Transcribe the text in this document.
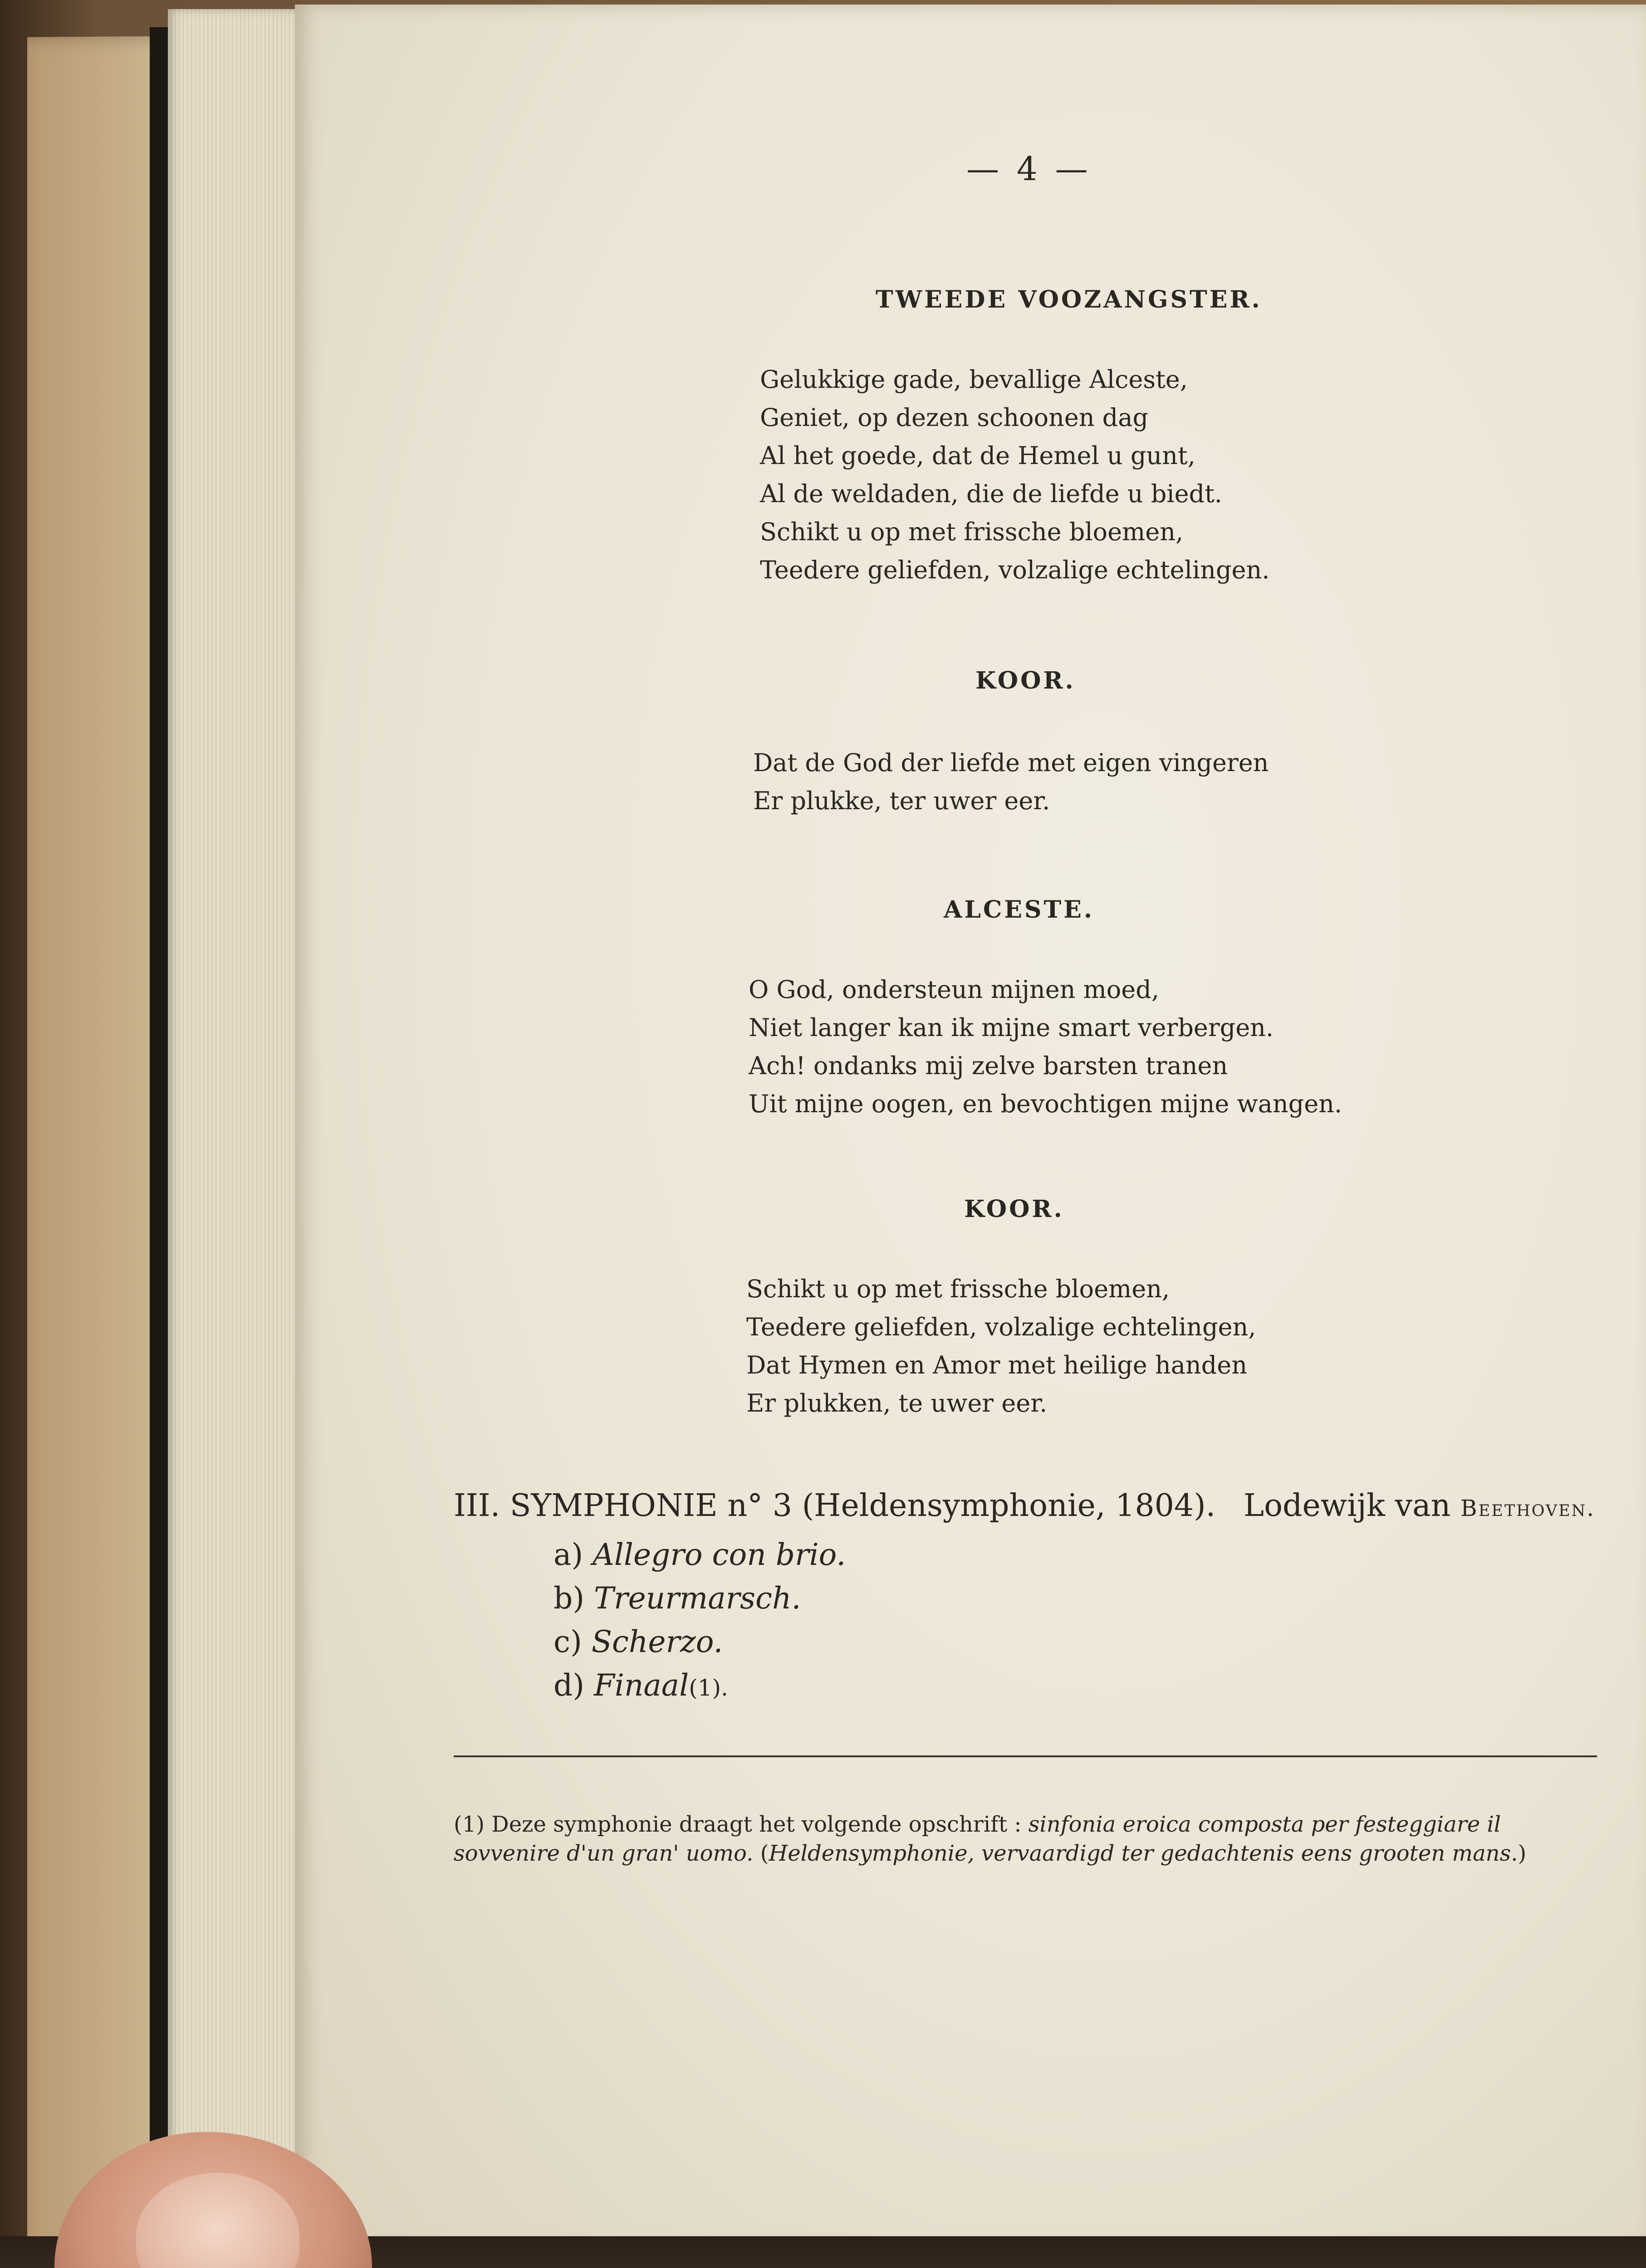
— 4 —
TWEEDE VOOZANGSTER.
Gelukkige gade, bevallige Alceste,
Geniet, op dezen schoonen dag
Al het goede, dat de Hemel u gunt,
Al de weldaden, die de liefde u biedt.
Schikt u op met frissche bloemen,
Teedere geliefden, volzalige echtelingen.
KOOR.
Dat de God der liefde met eigen vingeren
Er plukke, ter uwer eer.
ALCESTE.
O God, ondersteun mijnen moed,
Niet langer kan ik mijne smart verbergen.
Ach! ondanks mij zelve barsten tranen
Uit mijne oogen, en bevochtigen mijne wangen.
KOOR.
Schikt u op met frissche bloemen,
Teedere geliefden, volzalige echtelingen,
Dat Hymen en Amor met heilige handen
Er plukken, te uwer eer.
III. SYMPHONIE n° 3 (Heldensymphonie, 1804). Lodewijk van Beethoven.
a) Allegro con brio.
b) Treurmarsch.
c) Scherzo.
d) Finaal(1).
(1) Deze symphonie draagt het volgende opschrift : sinfonia eroica composta per festeggiare il sovvenire d'un gran' uomo. (Heldensymphonie, vervaardigd ter gedachtenis eens grooten mans.)
